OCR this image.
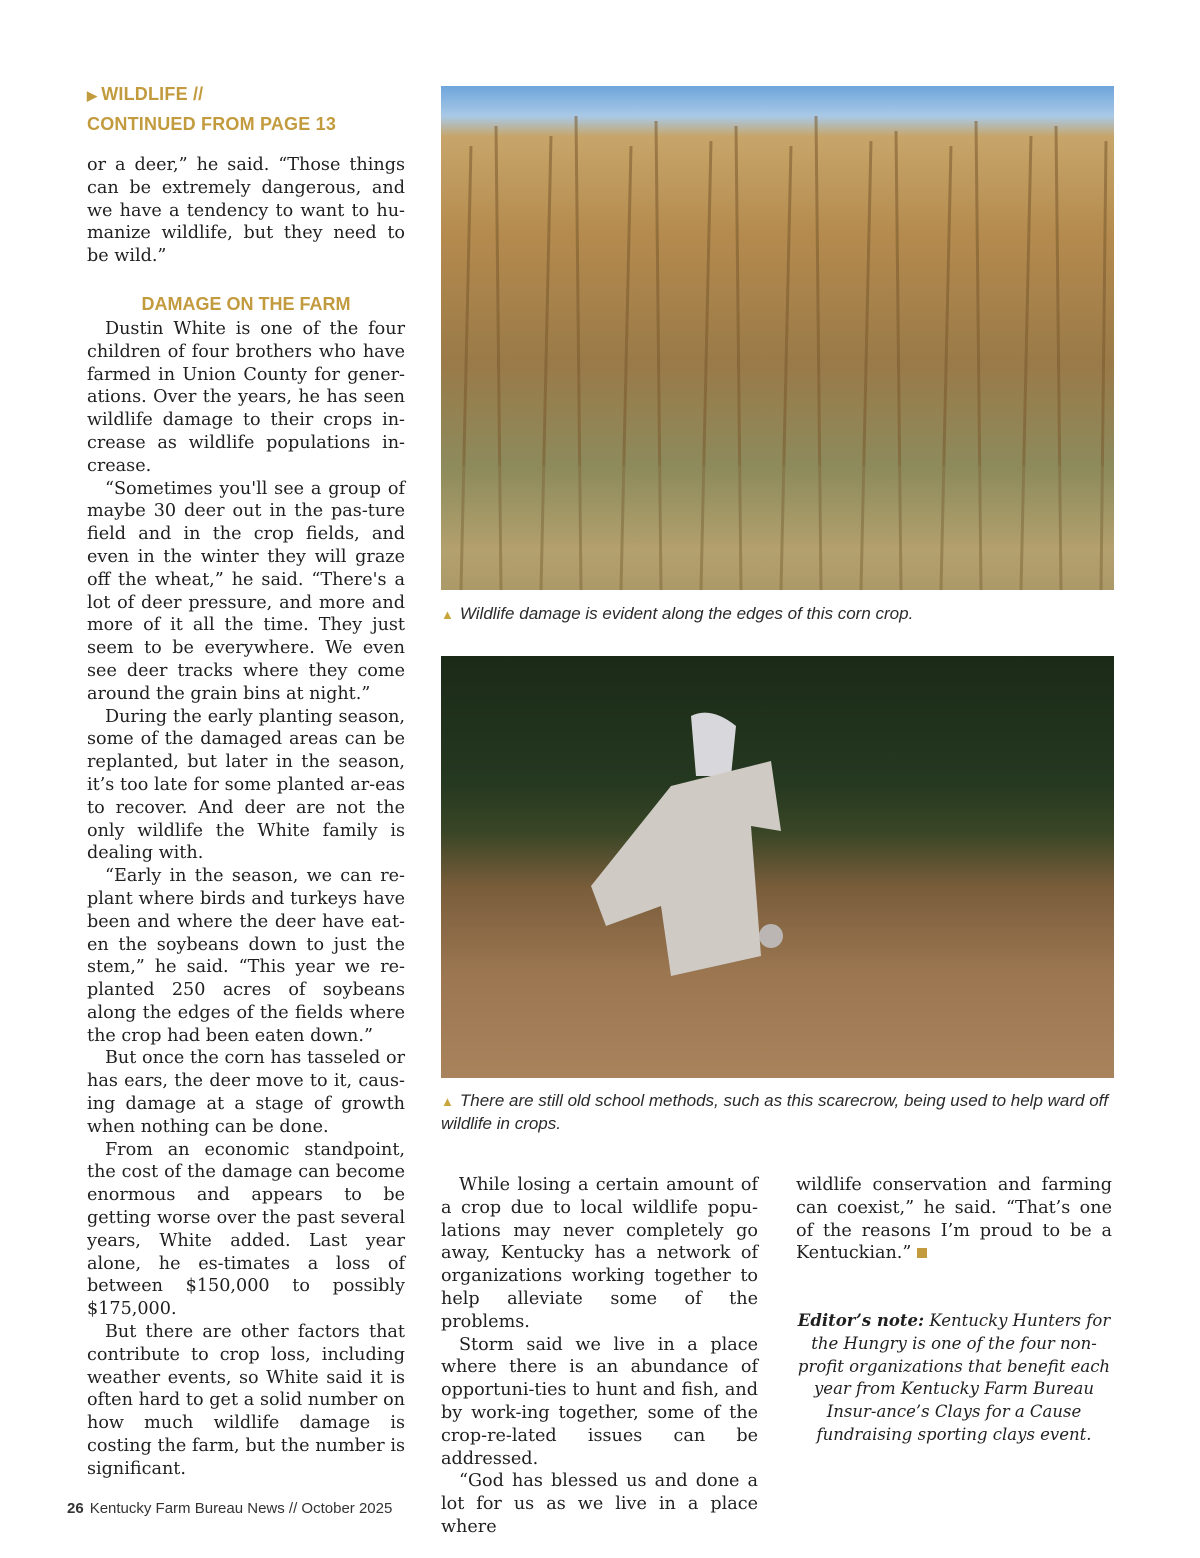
▶ WILDLIFE //
CONTINUED FROM PAGE 13

or a deer,” he said. “Those things can be extremely dangerous, and we have a tendency to want to hu-manize wildlife, but they need to be wild.”

DAMAGE ON THE FARM

Dustin White is one of the four children of four brothers who have farmed in Union County for gener-ations. Over the years, he has seen wildlife damage to their crops in-crease as wildlife populations in-crease.

“Sometimes you'll see a group of maybe 30 deer out in the pas-ture field and in the crop fields, and even in the winter they will graze off the wheat,” he said. “There's a lot of deer pressure, and more and more of it all the time. They just seem to be everywhere. We even see deer tracks where they come around the grain bins at night.”

During the early planting season, some of the damaged areas can be replanted, but later in the season, it’s too late for some planted ar-eas to recover. And deer are not the only wildlife the White family is dealing with.

“Early in the season, we can re-plant where birds and turkeys have been and where the deer have eat-en the soybeans down to just the stem,” he said. “This year we re-planted 250 acres of soybeans along the edges of the fields where the crop had been eaten down.”

But once the corn has tasseled or has ears, the deer move to it, caus-ing damage at a stage of growth when nothing can be done.

From an economic standpoint, the cost of the damage can become enormous and appears to be getting worse over the past several years, White added. Last year alone, he es-timates a loss of between $150,000 to possibly $175,000.

But there are other factors that contribute to crop loss, including weather events, so White said it is often hard to get a solid number on how much wildlife damage is costing the farm, but the number is significant.

▲ Wildlife damage is evident along the edges of this corn crop.
▲ There are still old school methods, such as this scarecrow, being used to help ward off wildlife in crops.

While losing a certain amount of a crop due to local wildlife popu-lations may never completely go away, Kentucky has a network of organizations working together to help alleviate some of the problems.

Storm said we live in a place where there is an abundance of opportuni-ties to hunt and fish, and by work-ing together, some of the crop-re-lated issues can be addressed.

“God has blessed us and done a lot for us as we live in a place where

wildlife conservation and farming can coexist,” he said. “That’s one of the reasons I’m proud to be a Kentuckian.”

Editor’s note: Kentucky Hunters for the Hungry is one of the four non-profit organizations that benefit each year from Kentucky Farm Bureau Insur-ance’s Clays for a Cause fundraising sporting clays event.
26 Kentucky Farm Bureau News // October 2025
